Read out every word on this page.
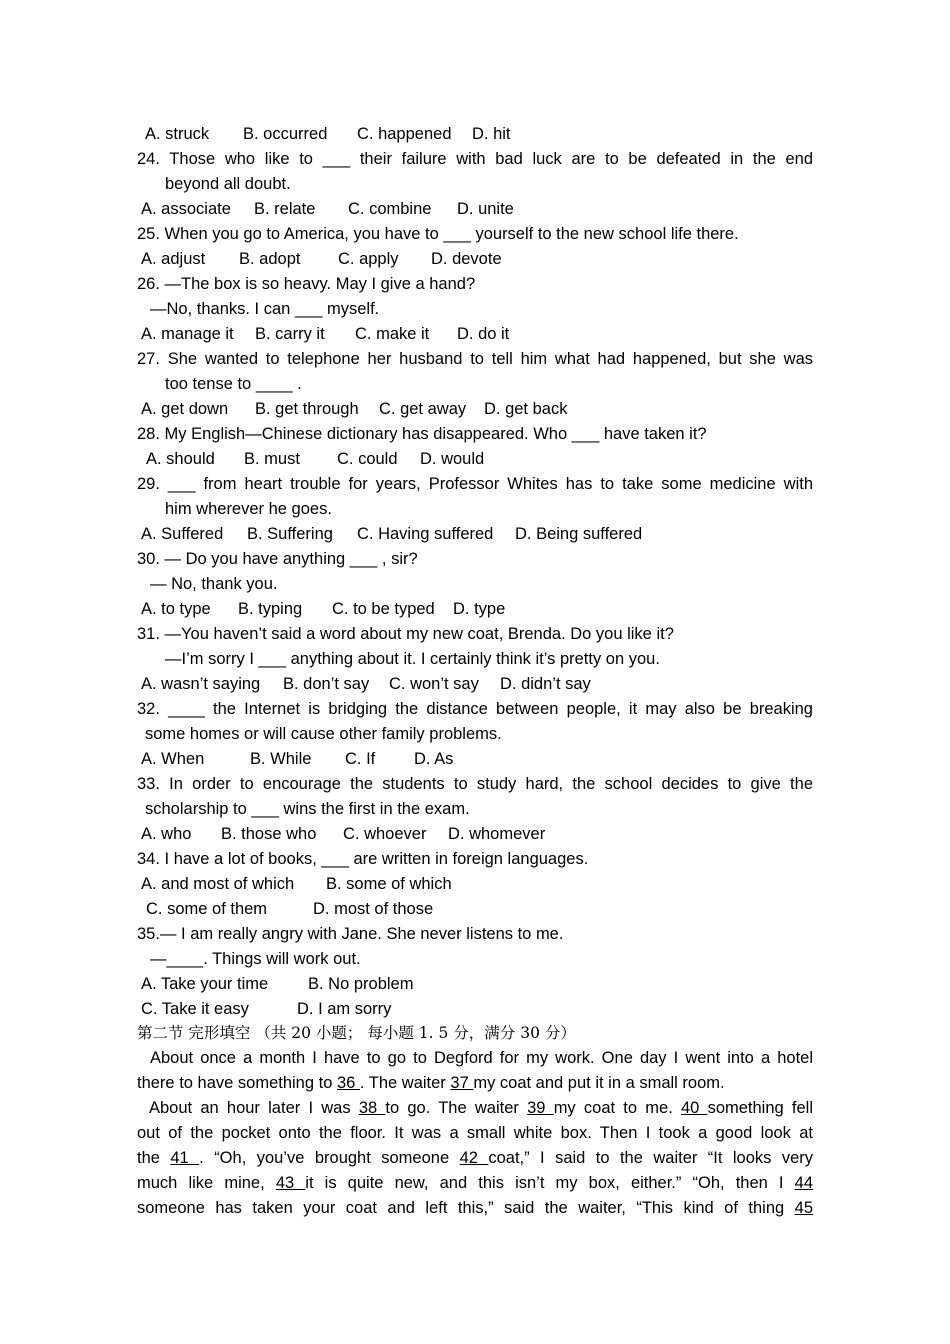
A. struck B. occurred C. happened D. hit
24. Those who like to ___ their failure with bad luck are to be defeated in the end
beyond all doubt.
A. associate B. relate C. combine D. unite
25. When you go to America, you have to ___ yourself to the new school life there.
A. adjust B. adopt C. apply D. devote
26. —The box is so heavy. May I give a hand?
—No, thanks. I can ___ myself.
A. manage it B. carry it C. make it D. do it
27. She wanted to telephone her husband to tell him what had happened, but she was
too tense to ____ .
A. get down B. get through C. get away D. get back
28. My English—Chinese dictionary has disappeared. Who ___ have taken it?
A. should B. must C. could D. would
29. ___ from heart trouble for years, Professor Whites has to take some medicine with
him wherever he goes.
A. Suffered B. Suffering C. Having suffered D. Being suffered
30. — Do you have anything ___ , sir?
— No, thank you.
A. to type B. typing C. to be typed D. type
31. —You haven’t said a word about my new coat, Brenda. Do you like it?
—I’m sorry I ___ anything about it. I certainly think it’s pretty on you.
A. wasn’t saying B. don’t say C. won’t say D. didn’t say
32. ____ the Internet is bridging the distance between people, it may also be breaking
some homes or will cause other family problems.
A. When	B. While C. If D. As
33. In order to encourage the students to study hard, the school decides to give the
scholarship to ___ wins the first in the exam.
A. who B. those who C. whoever D. whomever
34. I have a lot of books, ___ are written in foreign languages.
A. and most of which B. some of which
C. some of them	D. most of those
35.— I am really angry with Jane. She never listens to me.
—____. Things will work out.
A. Take your time B. No problem
C. Take it easy	D. I am sorry
第二节 完形填空 （共 20 小题； 每小题 1. 5 分，满分 30 分）
About once a month I have to go to Degford for my work. One day I went into a hotel
there to have something to 36 . The waiter 37 my coat and put it in a small room.
About an hour later I was 38 to go. The waiter 39 my coat to me. 40 something fell
out of the pocket onto the floor. It was a small white box. Then I took a good look at
the 41 . “Oh, you’ve brought someone 42 coat,” I said to the waiter “It looks very
much like mine, 43 it is quite new, and this isn’t my box, either.” “Oh, then I 44
someone has taken your coat and left this,” said the waiter, “This kind of thing 45
